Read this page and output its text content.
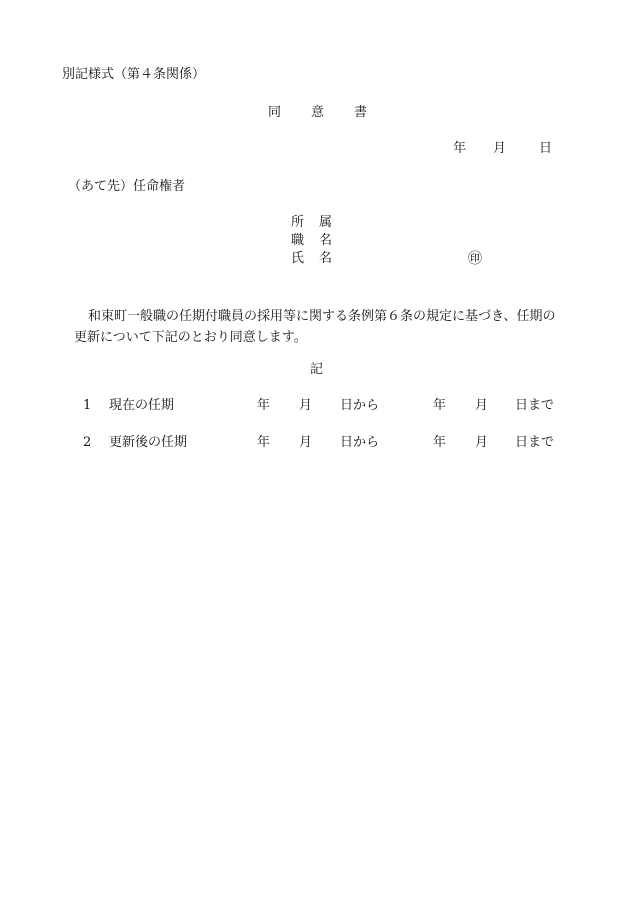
別記様式（第４条関係）
同 意 書
年 月	日
（あて先）任命権者
所 属
職 名
氏 名	㊞
和束町一般職の任期付職員の採用等に関する条例第６条の規定に基づき、任期の
更新について下記のとおり同意します。
記
1 現在の任期	年 月 日から	年 月 日まで
2 更新後の任期	年 月 日から	年 月 日まで
